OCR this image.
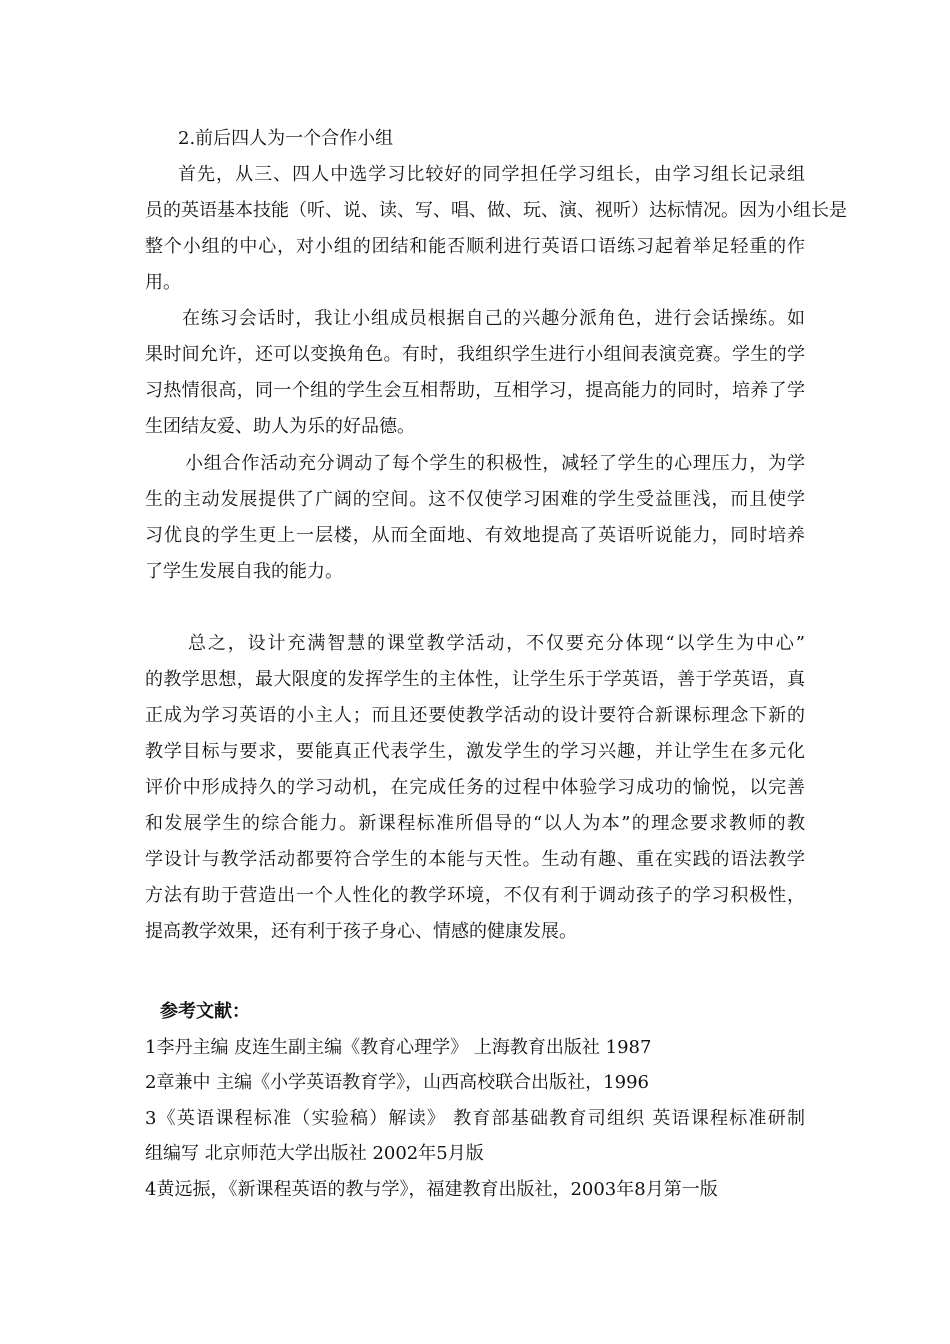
2.前后四人为一个合作小组
首先，从三、四人中选学习比较好的同学担任学习组长，由学习组长记录组
员的英语基本技能（听、说、读、写、唱、做、玩、演、视听）达标情况。因为小组长是
整个小组的中心，对小组的团结和能否顺利进行英语口语练习起着举足轻重的作
用。
在练习会话时，我让小组成员根据自己的兴趣分派角色，进行会话操练。如
果时间允许，还可以变换角色。有时，我组织学生进行小组间表演竞赛。学生的学
习热情很高，同一个组的学生会互相帮助，互相学习，提高能力的同时，培养了学
生团结友爱、助人为乐的好品德。
小组合作活动充分调动了每个学生的积极性，减轻了学生的心理压力，为学
生的主动发展提供了广阔的空间。这不仅使学习困难的学生受益匪浅，而且使学
习优良的学生更上一层楼，从而全面地、有效地提高了英语听说能力，同时培养
了学生发展自我的能力。
总之，设计充满智慧的课堂教学活动，不仅要充分体现“以学生为中心”
的教学思想，最大限度的发挥学生的主体性，让学生乐于学英语，善于学英语，真
正成为学习英语的小主人；而且还要使教学活动的设计要符合新课标理念下新的
教学目标与要求，要能真正代表学生，激发学生的学习兴趣，并让学生在多元化
评价中形成持久的学习动机，在完成任务的过程中体验学习成功的愉悦，以完善
和发展学生的综合能力。新课程标准所倡导的“以人为本”的理念要求教师的教
学设计与教学活动都要符合学生的本能与天性。生动有趣、重在实践的语法教学
方法有助于营造出一个人性化的教学环境，不仅有利于调动孩子的学习积极性，
提高教学效果，还有利于孩子身心、情感的健康发展。
参考文献：
1李丹主编 皮连生副主编《教育心理学》 上海教育出版社 1987
2章兼中 主编《小学英语教育学》，山西高校联合出版社，1996
3《英语课程标准（实验稿）解读》 教育部基础教育司组织 英语课程标准研制
组编写 北京师范大学出版社 2002年5月版
4黄远振，《新课程英语的教与学》，福建教育出版社，2003年8月第一版
